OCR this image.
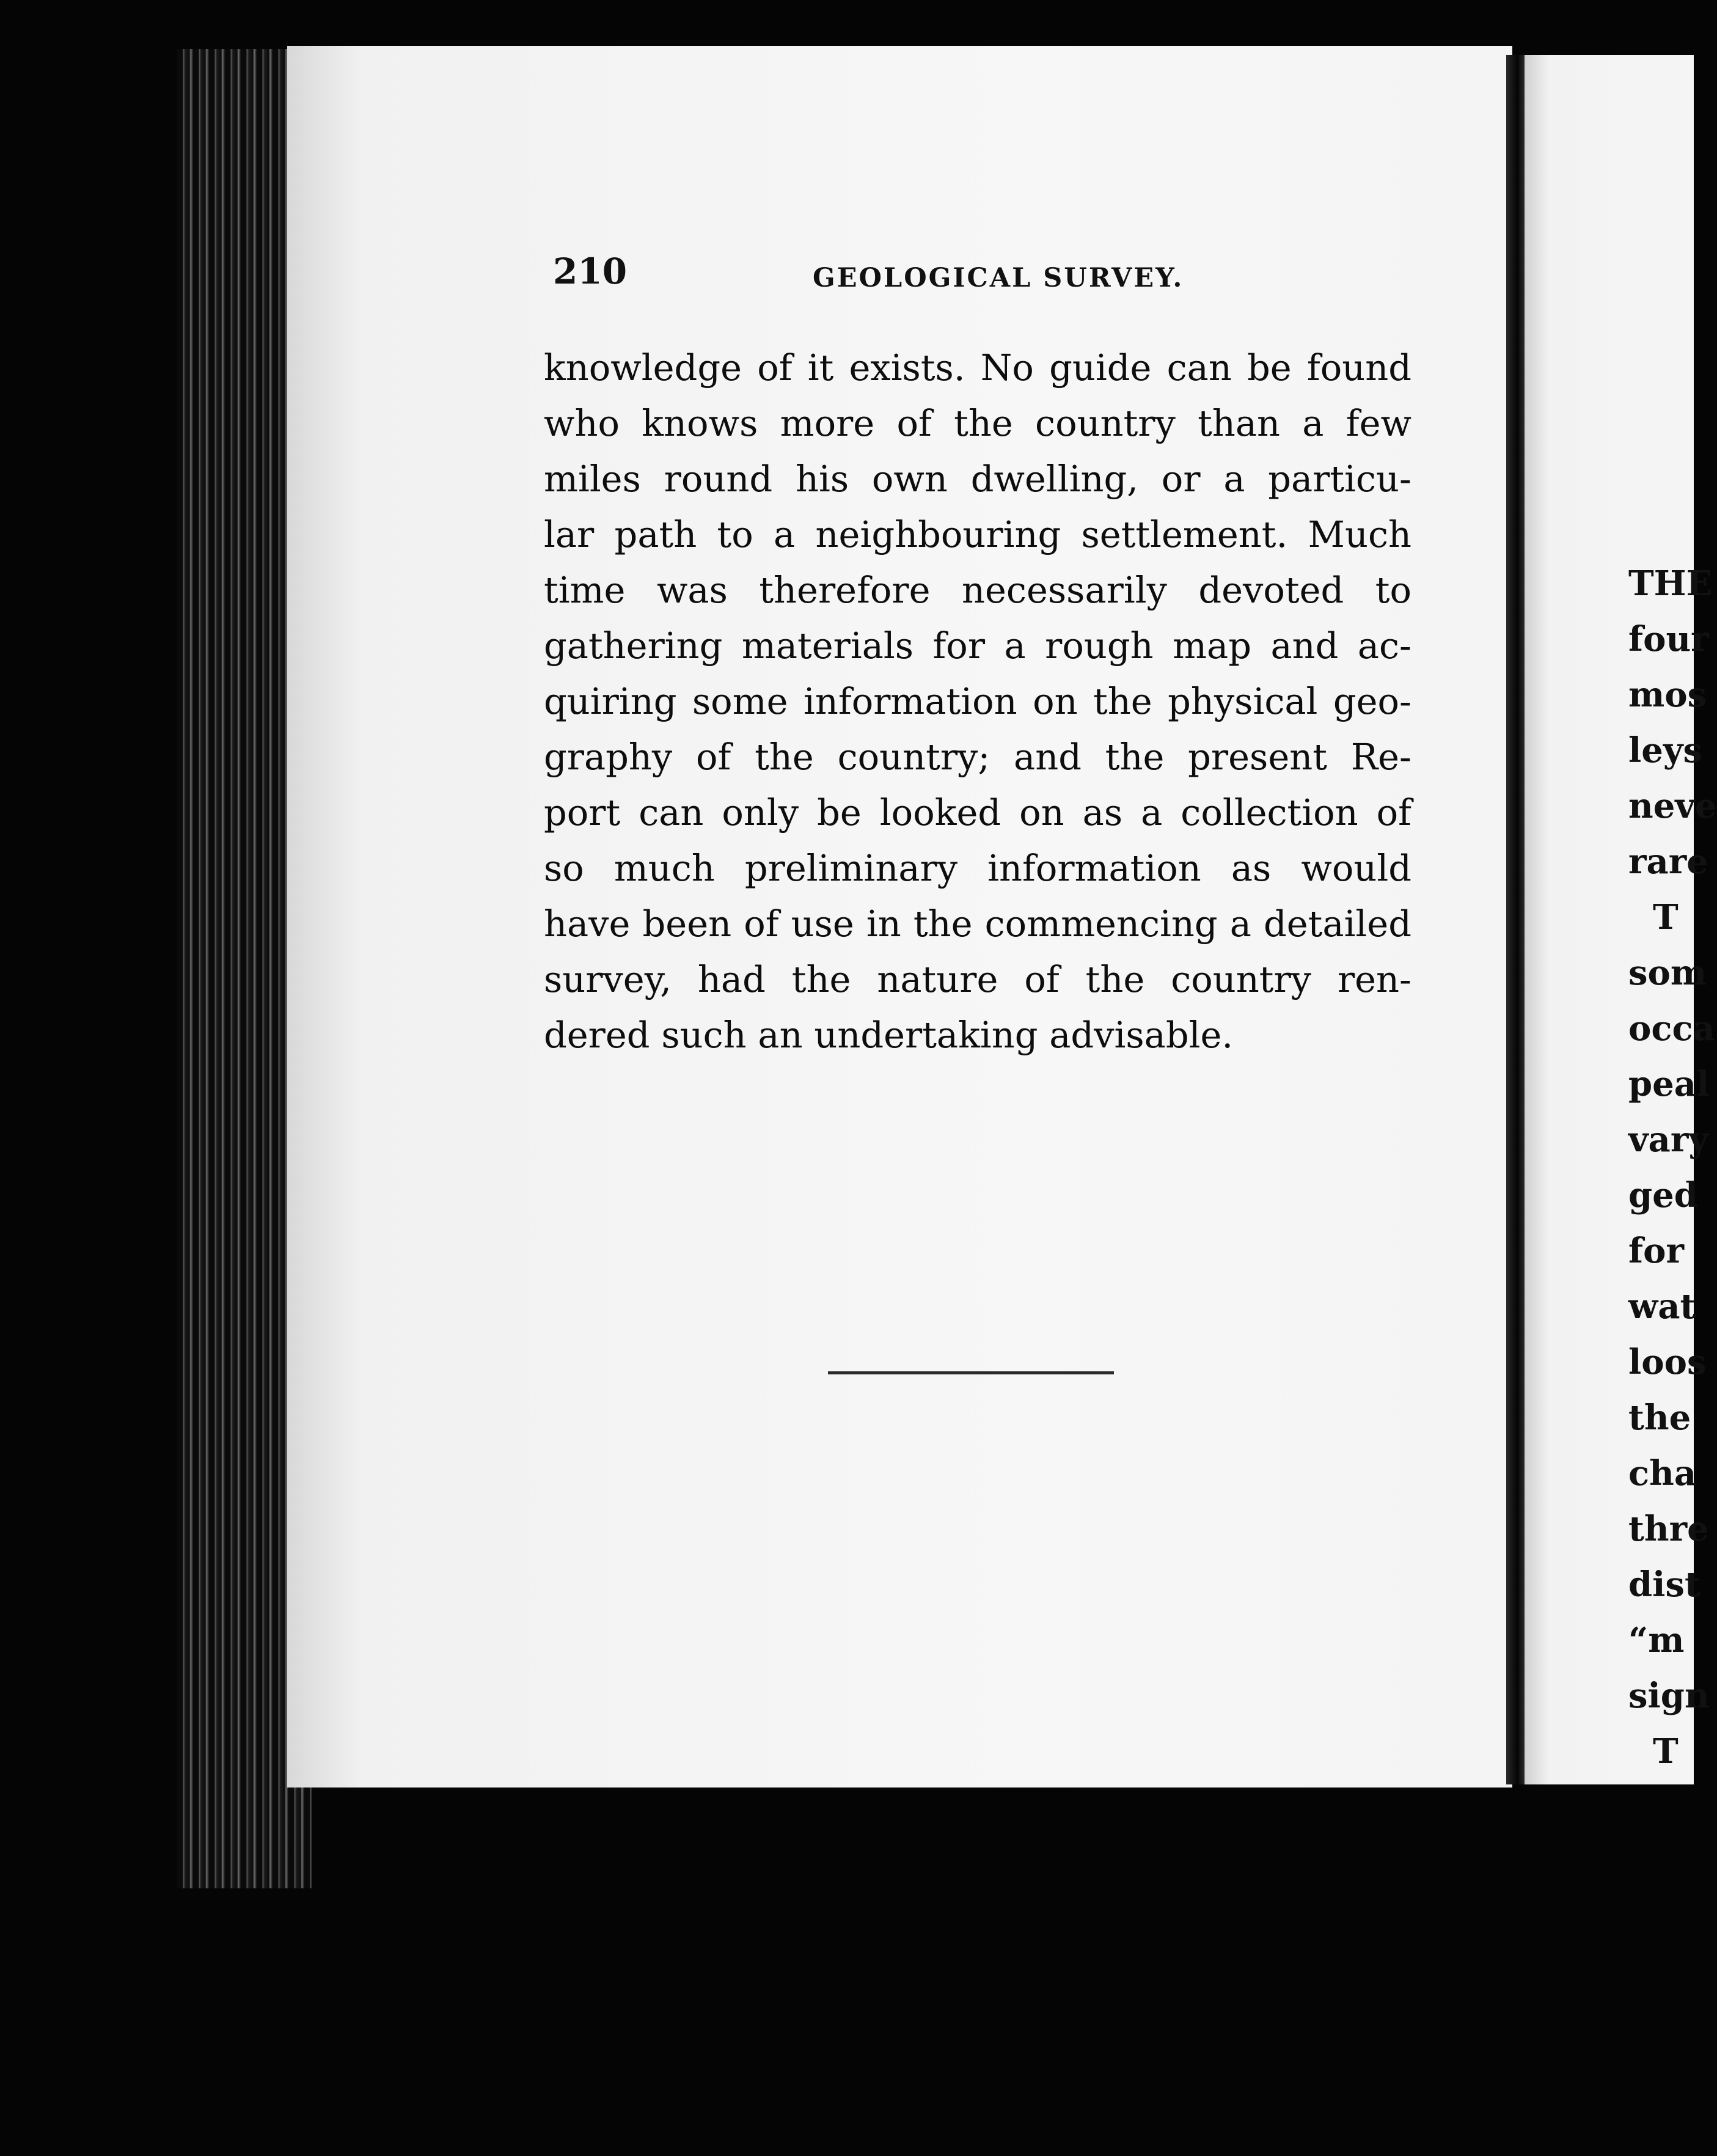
210	GEOLOGICAL SURVEY.
knowledge of it exists. No guide can be found
who knows more of the country than a few
miles round his own dwelling, or a particu-
lar path to a neighbouring settlement. Much
time was therefore necessarily devoted to
gathering materials for a rough map and ac-
quiring some information on the physical geo-
graphy of the country; and the present Re-
port can only be looked on as a collection of
so much preliminary information as would
have been of use in the commencing a detailed
survey, had the nature of the country ren-
dered such an undertaking advisable.
THE
four
mos
leys
neve
rare
T
som
occa
peal
vary
ged
for
wat
loos
the
cha
thre
dist
“m
sign
T
